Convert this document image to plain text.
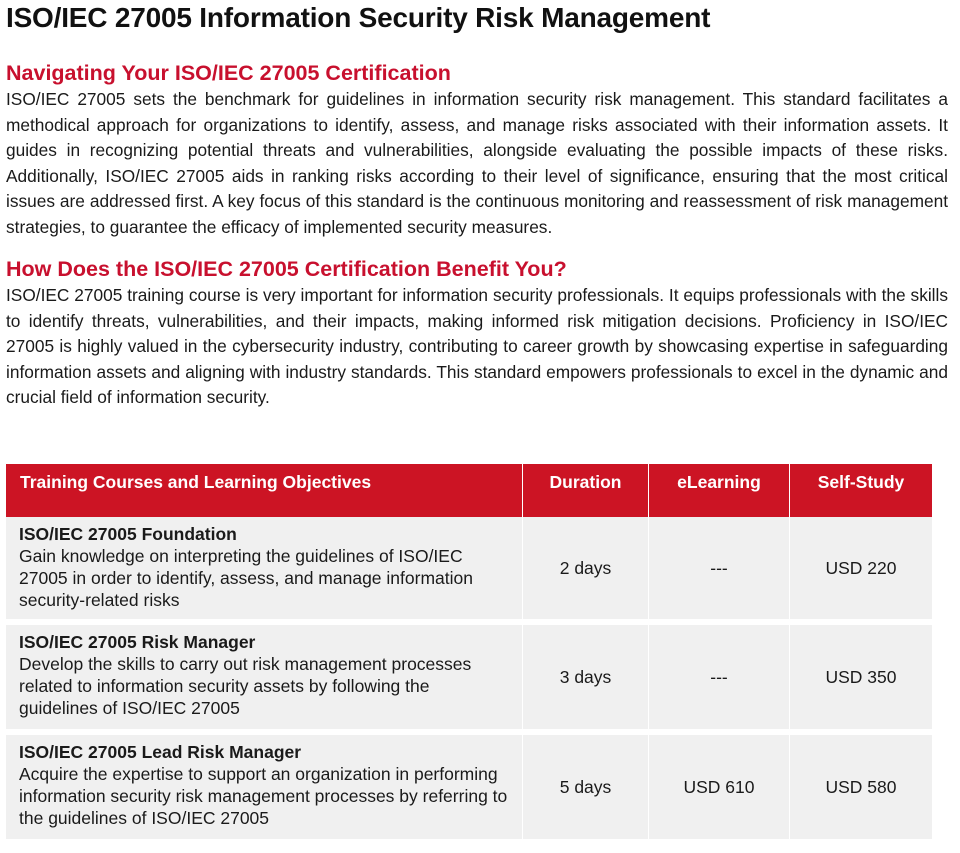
ISO/IEC 27005 Information Security Risk Management
Navigating Your ISO/IEC 27005 Certification

ISO/IEC 27005 sets the benchmark for guidelines in information security risk management. This standard facilitates a methodical approach for organizations to identify, assess, and manage risks associated with their information assets. It guides in recognizing potential threats and vulnerabilities, alongside evaluating the possible impacts of these risks. Additionally, ISO/IEC 27005 aids in ranking risks according to their level of significance, ensuring that the most critical issues are addressed first. A key focus of this standard is the continuous monitoring and reassessment of risk management strategies, to guarantee the efficacy of implemented security measures.

How Does the ISO/IEC 27005 Certification Benefit You?

ISO/IEC 27005 training course is very important for information security professionals. It equips professionals with the skills to identify threats, vulnerabilities, and their impacts, making informed risk mitigation decisions. Proficiency in ISO/IEC 27005 is highly valued in the cybersecurity industry, contributing to career growth by showcasing expertise in safeguarding information assets and aligning with industry standards. This standard empowers professionals to excel in the dynamic and crucial field of information security.

Training Courses and Learning Objectives	Duration	eLearning	Self-Study

ISO/IEC 27005 Foundation
Gain knowledge on interpreting the guidelines of ISO/IEC 27005 in order to identify, assess, and manage information security-related risks	2 days	---	USD 220

ISO/IEC 27005 Risk Manager
Develop the skills to carry out risk management processes related to information security assets by following the guidelines of ISO/IEC 27005	3 days	---	USD 350

ISO/IEC 27005 Lead Risk Manager
Acquire the expertise to support an organization in performing information security risk management processes by referring to the guidelines of ISO/IEC 27005	5 days	USD 610	USD 580
